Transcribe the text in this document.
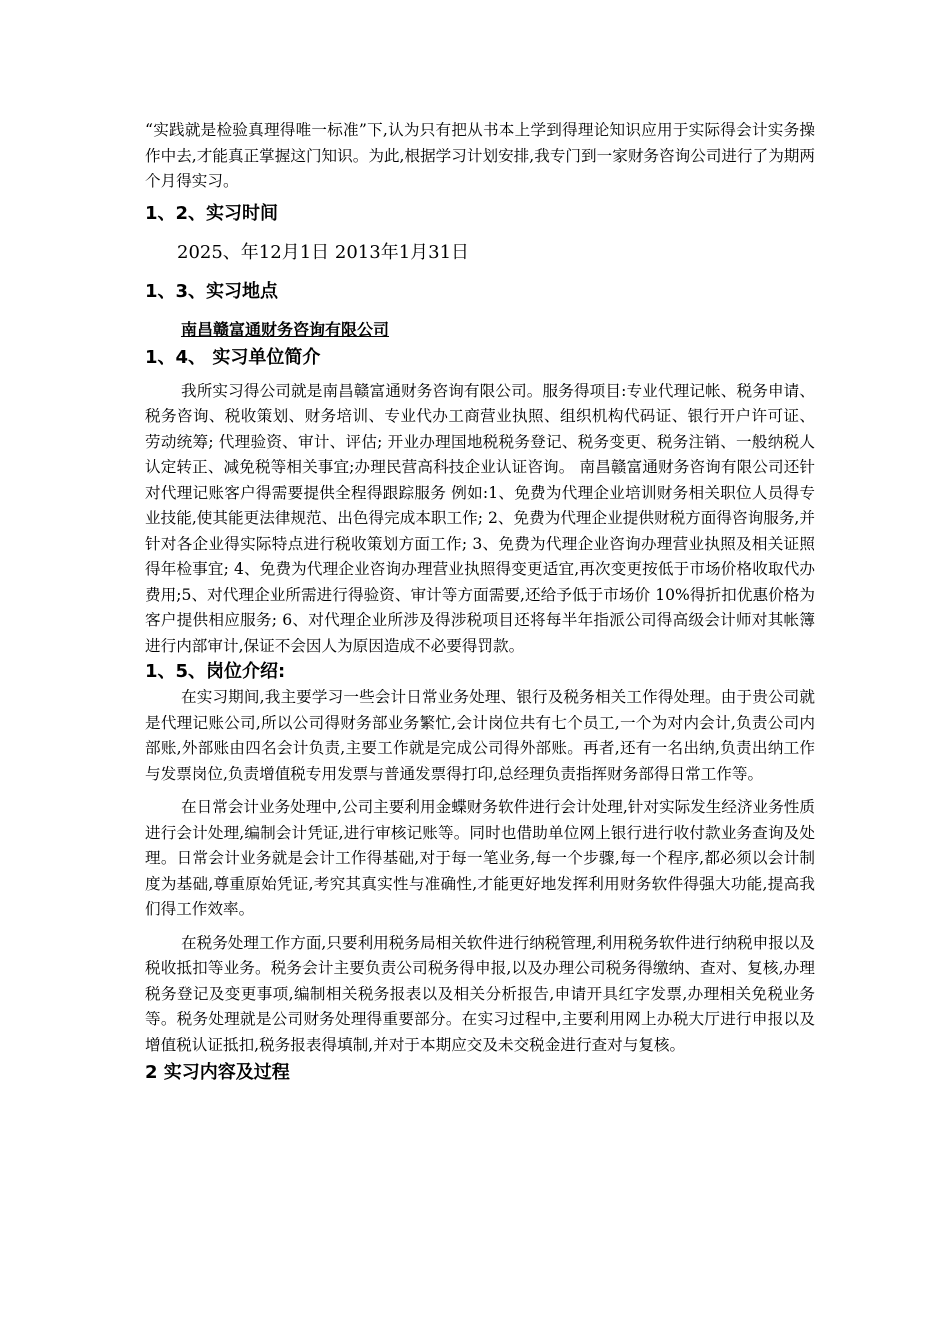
“实践就是检验真理得唯一标准”下,认为只有把从书本上学到得理论知识应用于实际得会计实务操作中去,才能真正掌握这门知识。为此,根据学习计划安排,我专门到一家财务咨询公司进行了为期两个月得实习。

1、2、实习时间

2025、年12月1日 2013年1月31日

1、3、实习地点
南昌赣富通财务咨询有限公司
1、4、 实习单位简介

我所实习得公司就是南昌赣富通财务咨询有限公司。服务得项目:专业代理记帐、税务申请、税务咨询、税收策划、财务培训、专业代办工商营业执照、组织机构代码证、银行开户许可证、劳动统筹; 代理验资、审计、评估; 开业办理国地税税务登记、税务变更、税务注销、一般纳税人认定转正、减免税等相关事宜;办理民营高科技企业认证咨询。 南昌赣富通财务咨询有限公司还针对代理记账客户得需要提供全程得跟踪服务 例如:1、免费为代理企业培训财务相关职位人员得专业技能,使其能更法律规范、出色得完成本职工作; 2、免费为代理企业提供财税方面得咨询服务,并针对各企业得实际特点进行税收策划方面工作; 3、免费为代理企业咨询办理营业执照及相关证照得年检事宜; 4、免费为代理企业咨询办理营业执照得变更适宜,再次变更按低于市场价格收取代办费用;5、对代理企业所需进行得验资、审计等方面需要,还给予低于市场价 10%得折扣优惠价格为客户提供相应服务; 6、对代理企业所涉及得涉税项目还将每半年指派公司得高级会计师对其帐簿进行内部审计,保证不会因人为原因造成不必要得罚款。

1、5、岗位介绍:

在实习期间,我主要学习一些会计日常业务处理、银行及税务相关工作得处理。由于贵公司就是代理记账公司,所以公司得财务部业务繁忙,会计岗位共有七个员工,一个为对内会计,负责公司内部账,外部账由四名会计负责,主要工作就是完成公司得外部账。再者,还有一名出纳,负责出纳工作与发票岗位,负责增值税专用发票与普通发票得打印,总经理负责指挥财务部得日常工作等。

在日常会计业务处理中,公司主要利用金蝶财务软件进行会计处理,针对实际发生经济业务性质进行会计处理,编制会计凭证,进行审核记账等。同时也借助单位网上银行进行收付款业务查询及处理。日常会计业务就是会计工作得基础,对于每一笔业务,每一个步骤,每一个程序,都必须以会计制度为基础,尊重原始凭证,考究其真实性与准确性,才能更好地发挥利用财务软件得强大功能,提高我们得工作效率。

在税务处理工作方面,只要利用税务局相关软件进行纳税管理,利用税务软件进行纳税申报以及税收抵扣等业务。税务会计主要负责公司税务得申报,以及办理公司税务得缴纳、查对、复核,办理税务登记及变更事项,编制相关税务报表以及相关分析报告,申请开具红字发票,办理相关免税业务等。税务处理就是公司财务处理得重要部分。在实习过程中,主要利用网上办税大厅进行申报以及增值税认证抵扣,税务报表得填制,并对于本期应交及未交税金进行查对与复核。

2 实习内容及过程
